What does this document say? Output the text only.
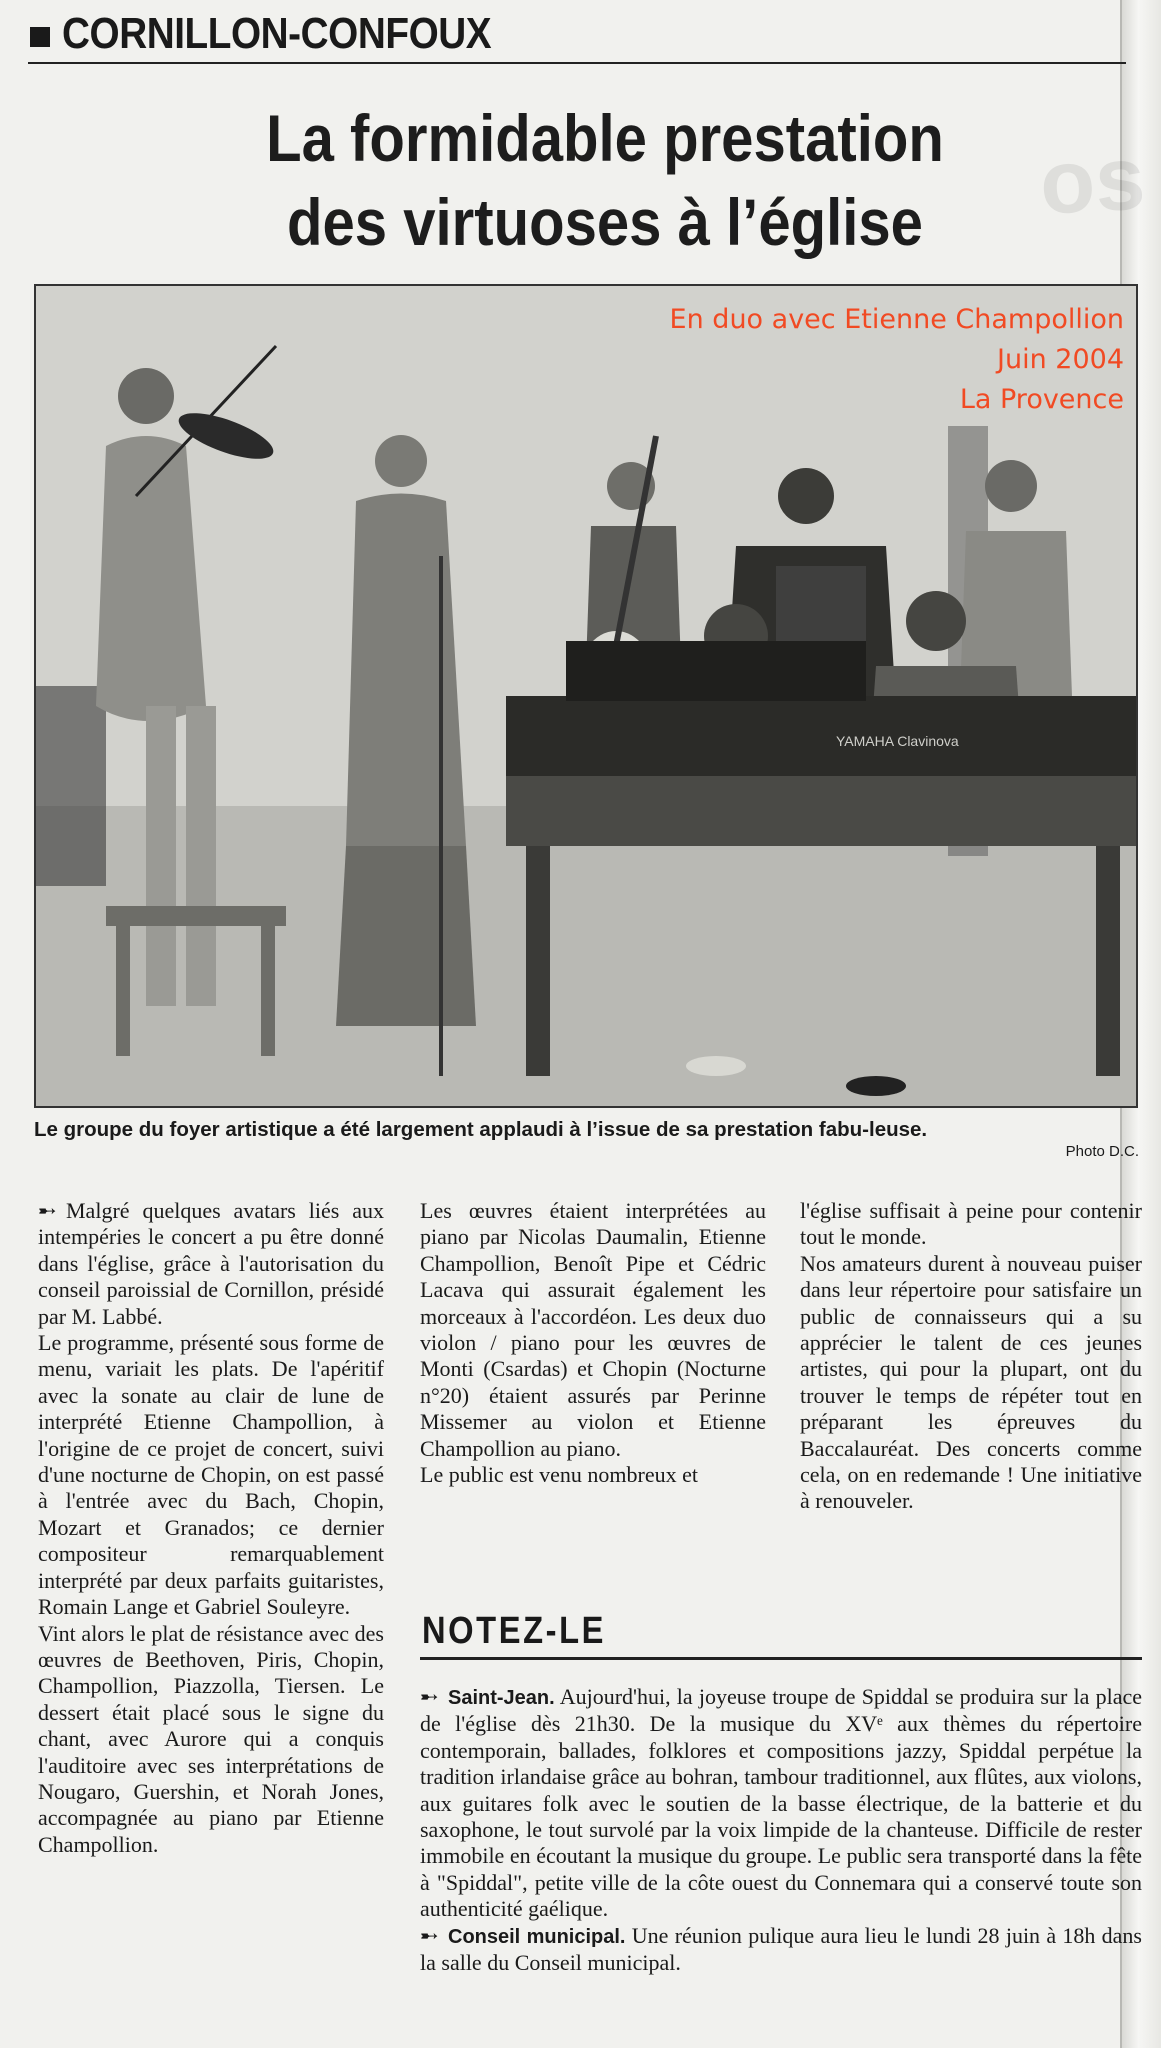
os
CORNILLON-CONFOUX
La formidable prestation
des virtuoses à l’église
YAMAHA Clavinova
En duo avec Etienne Champollion
Juin 2004
La Provence
Le groupe du foyer artistique a été largement applaudi à l’issue de sa prestation fabu-leuse.
Photo D.C.

➸ Malgré quelques avatars liés aux intempéries le concert a pu être donné dans l'église, grâce à l'autorisation du conseil paroissial de Cornillon, présidé par M. Labbé.

Le programme, présenté sous forme de menu, variait les plats. De l'apéritif avec la sonate au clair de lune de interprété Etienne Champollion, à l'origine de ce projet de concert, suivi d'une nocturne de Chopin, on est passé à l'entrée avec du Bach, Chopin, Mozart et Granados; ce dernier compositeur remarquablement interprété par deux parfaits guitaristes, Romain Lange et Gabriel Souleyre.

Vint alors le plat de résistance avec des œuvres de Beethoven, Piris, Chopin, Champollion, Piazzolla, Tiersen. Le dessert était placé sous le signe du chant, avec Aurore qui a conquis l'auditoire avec ses interprétations de Nougaro, Guershin, et Norah Jones, accompagnée au piano par Etienne Champollion.

Les œuvres étaient interprétées au piano par Nicolas Daumalin, Etienne Champollion, Benoît Pipe et Cédric Lacava qui assurait également les morceaux à l'accordéon. Les deux duo violon / piano pour les œuvres de Monti (Csardas) et Chopin (Nocturne n°20) étaient assurés par Perinne Missemer au violon et Etienne Champollion au piano.

Le public est venu nombreux et

l'église suffisait à peine pour contenir tout le monde.

Nos amateurs durent à nouveau puiser dans leur répertoire pour satisfaire un public de connaisseurs qui a su apprécier le talent de ces jeunes artistes, qui pour la plupart, ont du trouver le temps de répéter tout en préparant les épreuves du Baccalauréat. Des concerts comme cela, on en redemande ! Une initiative à renouveler.

NOTEZ-LE

➸ Saint-Jean. Aujourd'hui, la joyeuse troupe de Spiddal se produira sur la place de l'église dès 21h30. De la musique du XVᵉ aux thèmes du répertoire contemporain, ballades, folklores et compositions jazzy, Spiddal perpétue la tradition irlandaise grâce au bohran, tambour traditionnel, aux flûtes, aux violons, aux guitares folk avec le soutien de la basse électrique, de la batterie et du saxophone, le tout survolé par la voix limpide de la chanteuse. Difficile de rester immobile en écoutant la musique du groupe. Le public sera transporté dans la fête à "Spiddal", petite ville de la côte ouest du Connemara qui a conservé toute son authenticité gaélique.

➸ Conseil municipal. Une réunion pulique aura lieu le lundi 28 juin à 18h dans la salle du Conseil municipal.
